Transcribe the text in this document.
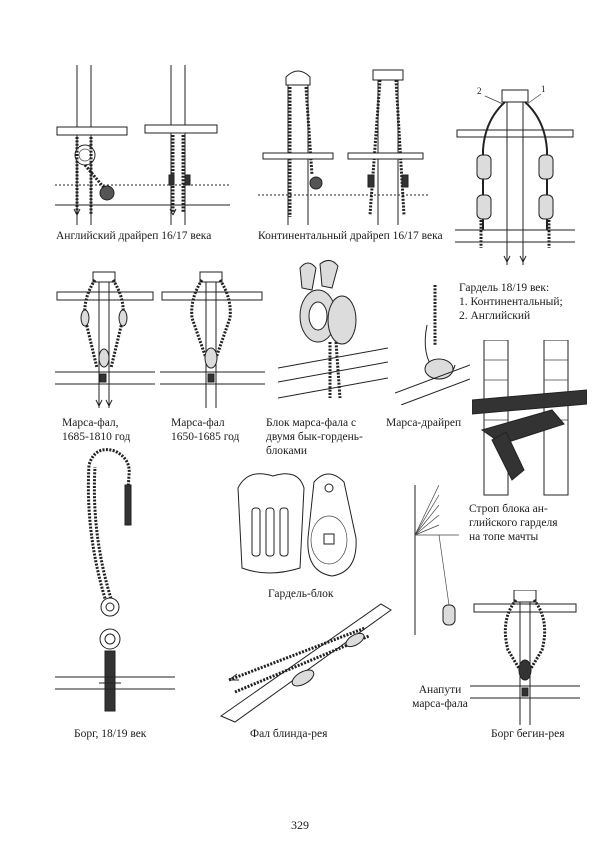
Английский драйреп 16/17 века	Континентальный драйреп 16/17 века
2	1
Гардель 18/19 век:
1. Континентальный;
2. Английский
Марса-фал,
1685-1810 год
Марса-фал
1650-1685 год
Блок марса-фала с
двумя бык-гордень-
блоками
Марса-драйреп
Строп блока ан-
глийского гарделя
на топе мачты
Борг, 18/19 век
Гардель-блок
Фал блинда-рея
Анапути
марса-фала
Борг бегин-рея
329
